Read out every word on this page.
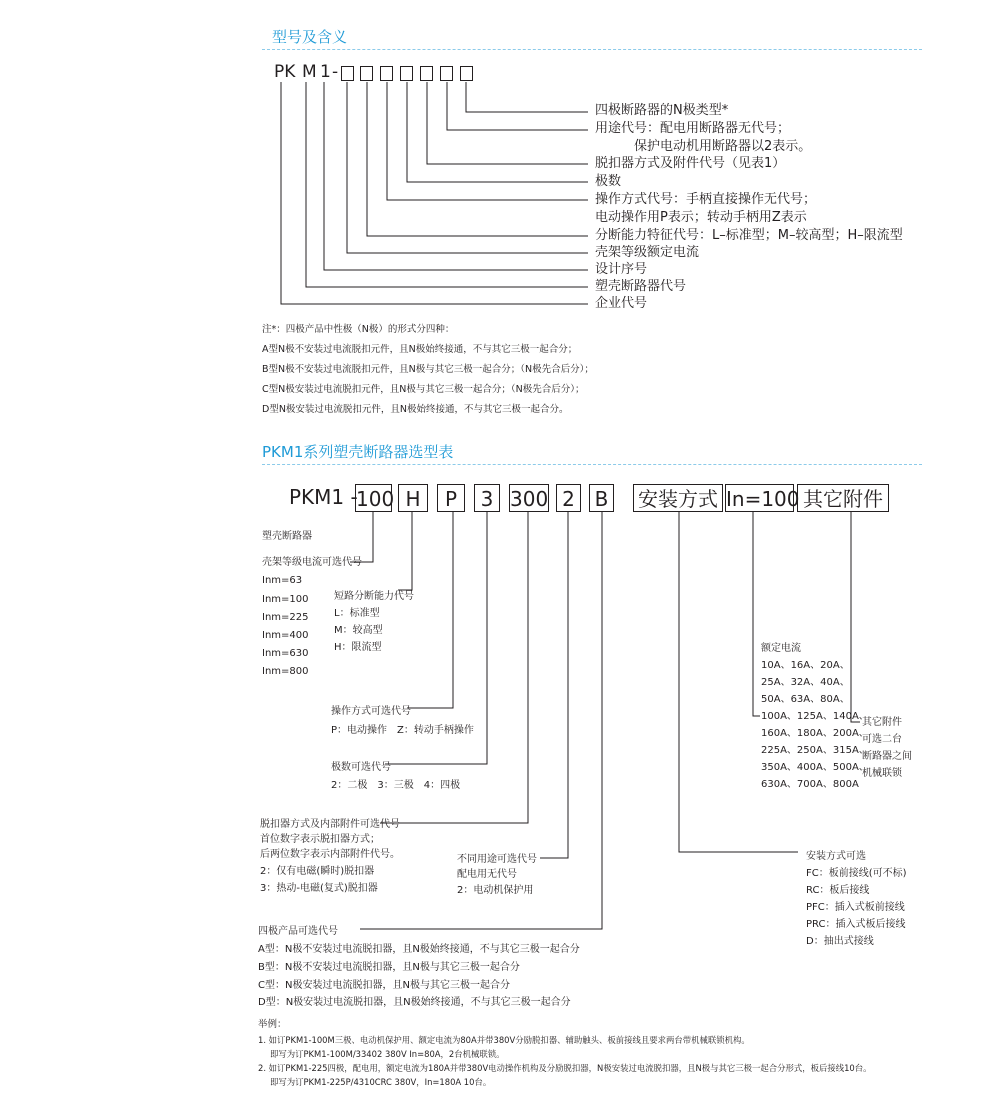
型号及含义
PK M 1 -
四极断路器的N极类型*
用途代号：配电用断路器无代号；
保护电动机用断路器以2表示。
脱扣器方式及附件代号（见表1）
极数
操作方式代号：手柄直接操作无代号；
电动操作用P表示；转动手柄用Z表示
分断能力特征代号：L–标准型；M–较高型；H–限流型
壳架等级额定电流
设计序号
塑壳断路器代号
企业代号
注*：四极产品中性极（N极）的形式分四种：
A型N极不安装过电流脱扣元件，且N极始终接通，不与其它三极一起合分；
B型N极不安装过电流脱扣元件，且N极与其它三极一起合分；（N极先合后分）；
C型N极安装过电流脱扣元件，且N极与其它三极一起合分；（N极先合后分）；
D型N极安装过电流脱扣元件，且N极始终接通，不与其它三极一起合分。
PKM1系列塑壳断路器选型表
PKM1 -
100 H	P	3 300 2 B 安装方式 In=100 其它附件
塑壳断路器
壳架等级电流可选代号
Inm=63
Inm=100
Inm=225
Inm=400
Inm=630
Inm=800
短路分断能力代号
L：标准型
M：较高型
H：限流型
操作方式可选代号
P：电动操作　Z：转动手柄操作
极数可选代号
2：二极　3：三极　4：四极
脱扣器方式及内部附件可选代号
首位数字表示脱扣器方式；
后两位数字表示内部附件代号。
2：仅有电磁(瞬时)脱扣器
3：热动-电磁(复式)脱扣器
不同用途可选代号
配电用无代号
2：电动机保护用
四极产品可选代号
A型：N极不安装过电流脱扣器，且N极始终接通，不与其它三极一起合分
B型：N极不安装过电流脱扣器，且N极与其它三极一起合分
C型：N极安装过电流脱扣器，且N极与其它三极一起合分
D型：N极安装过电流脱扣器，且N极始终接通，不与其它三极一起合分
额定电流
10A、16A、20A、
25A、32A、40A、
50A、63A、80A、
100A、125A、140A、
160A、180A、200A、
225A、250A、315A、
350A、400A、500A、
630A、700A、800A
其它附件
可选二台
断路器之间
机械联锁
安装方式可选
FC：板前接线(可不标)
RC：板后接线
PFC：插入式板前接线
PRC：插入式板后接线
D：抽出式接线
举例：
1. 如订PKM1-100M三极、电动机保护用、额定电流为80A并带380V分励脱扣器、辅助触头、板前接线且要求两台带机械联锁机构。
即写为订PKM1-100M/33402 380V In=80A，2台机械联锁。
2. 如订PKM1-225四极，配电用，额定电流为180A并带380V电动操作机构及分励脱扣器，N极安装过电流脱扣器，且N极与其它三极一起合分形式，板后接线10台。
即写为订PKM1-225P/4310CRC 380V，In=180A 10台。
